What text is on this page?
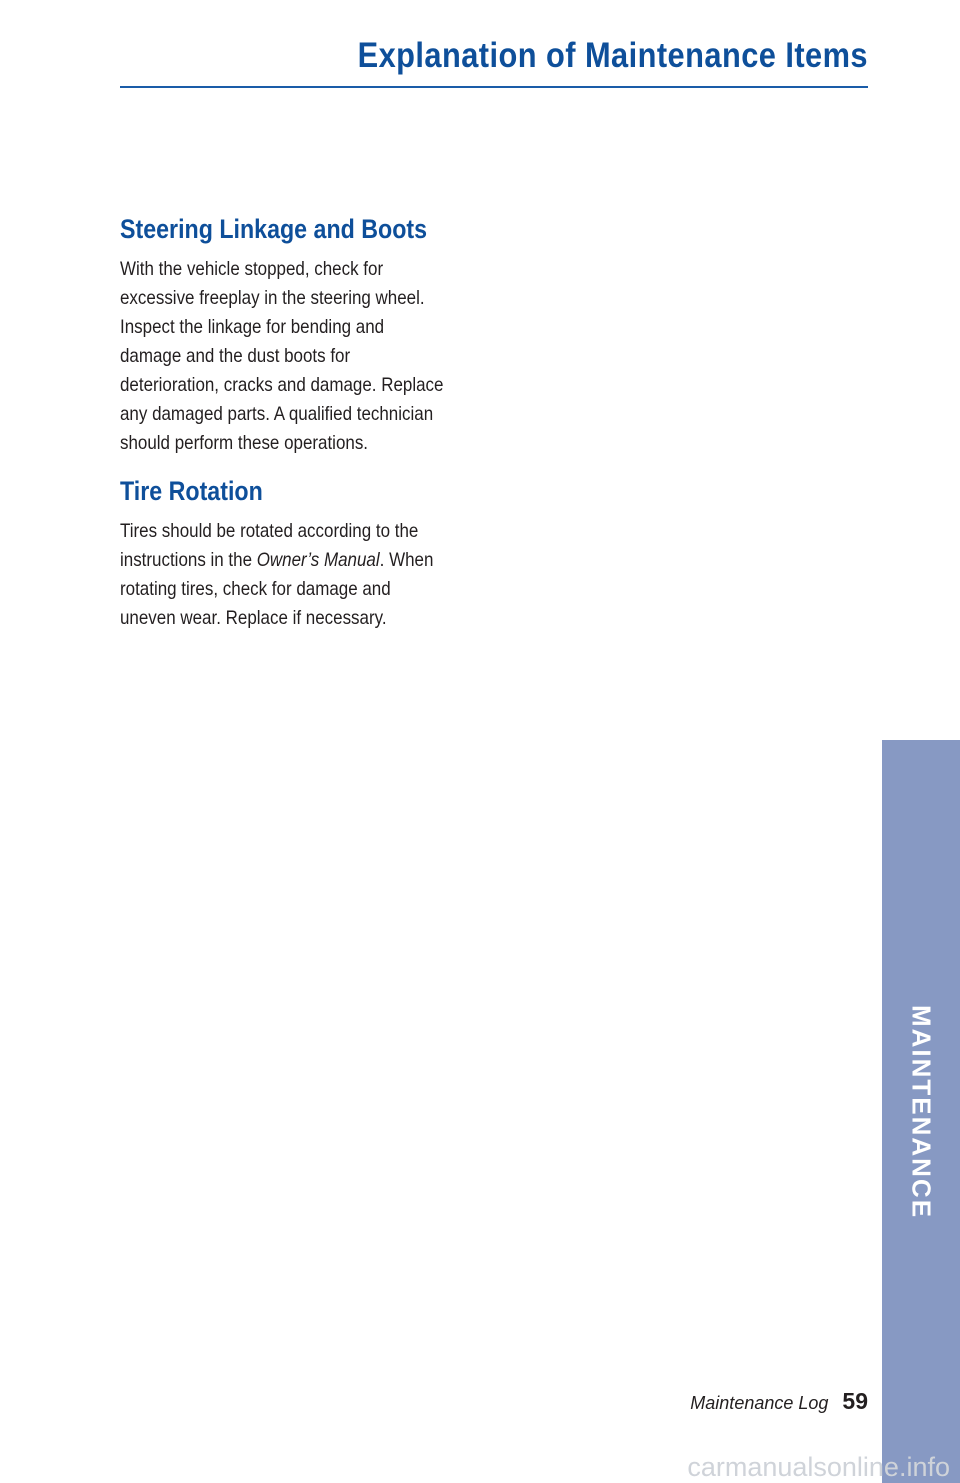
Explanation of Maintenance Items
Steering Linkage and Boots

With the vehicle stopped, check for
excessive freeplay in the steering wheel.
Inspect the linkage for bending and
damage and the dust boots for
deterioration, cracks and damage. Replace
any damaged parts. A qualified technician
should perform these operations.

Tire Rotation

Tires should be rotated according to the
instructions in the Owner’s Manual. When
rotating tires, check for damage and
uneven wear. Replace if necessary.

MAINTENANCE
Maintenance Log 59
carmanualsonline.info
